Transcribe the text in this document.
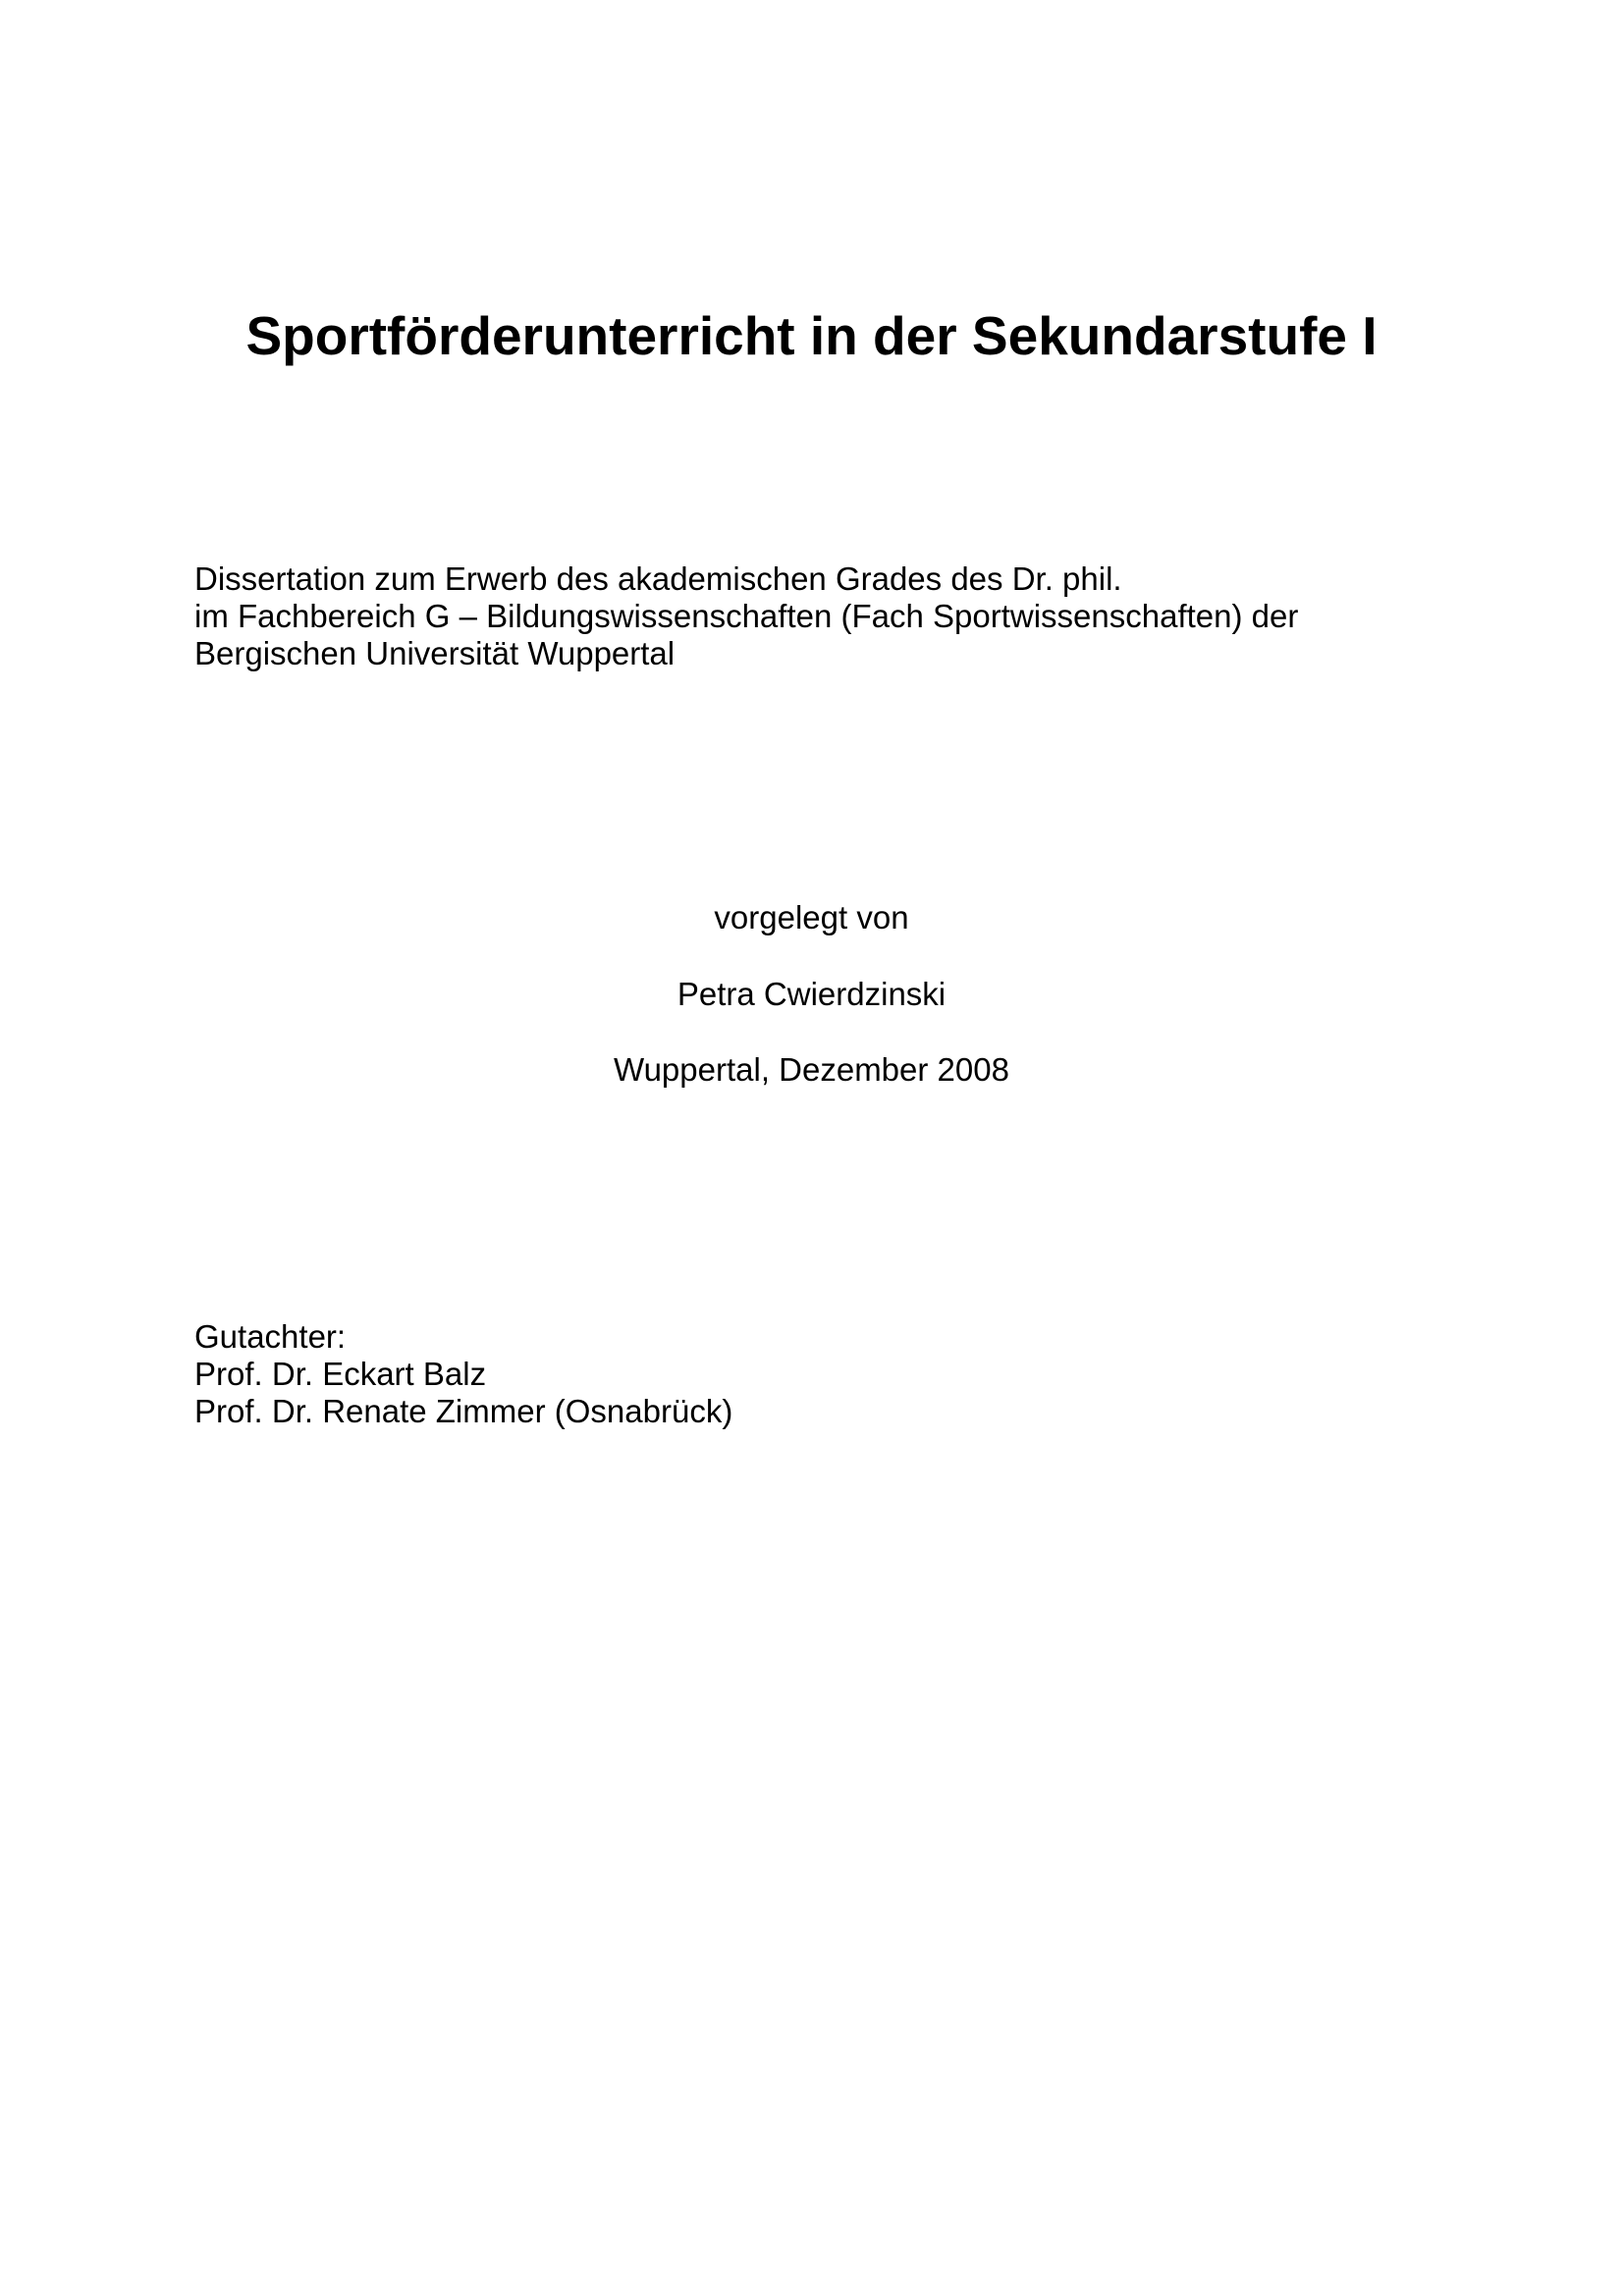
Sportförderunterricht in der Sekundarstufe I

Dissertation zum Erwerb des akademischen Grades des Dr. phil.

im Fachbereich G – Bildungswissenschaften (Fach Sportwissenschaften) der

Bergischen Universität Wuppertal

vorgelegt von

Petra Cwierdzinski

Wuppertal, Dezember 2008

Gutachter:

Prof. Dr. Eckart Balz

Prof. Dr. Renate Zimmer (Osnabrück)
